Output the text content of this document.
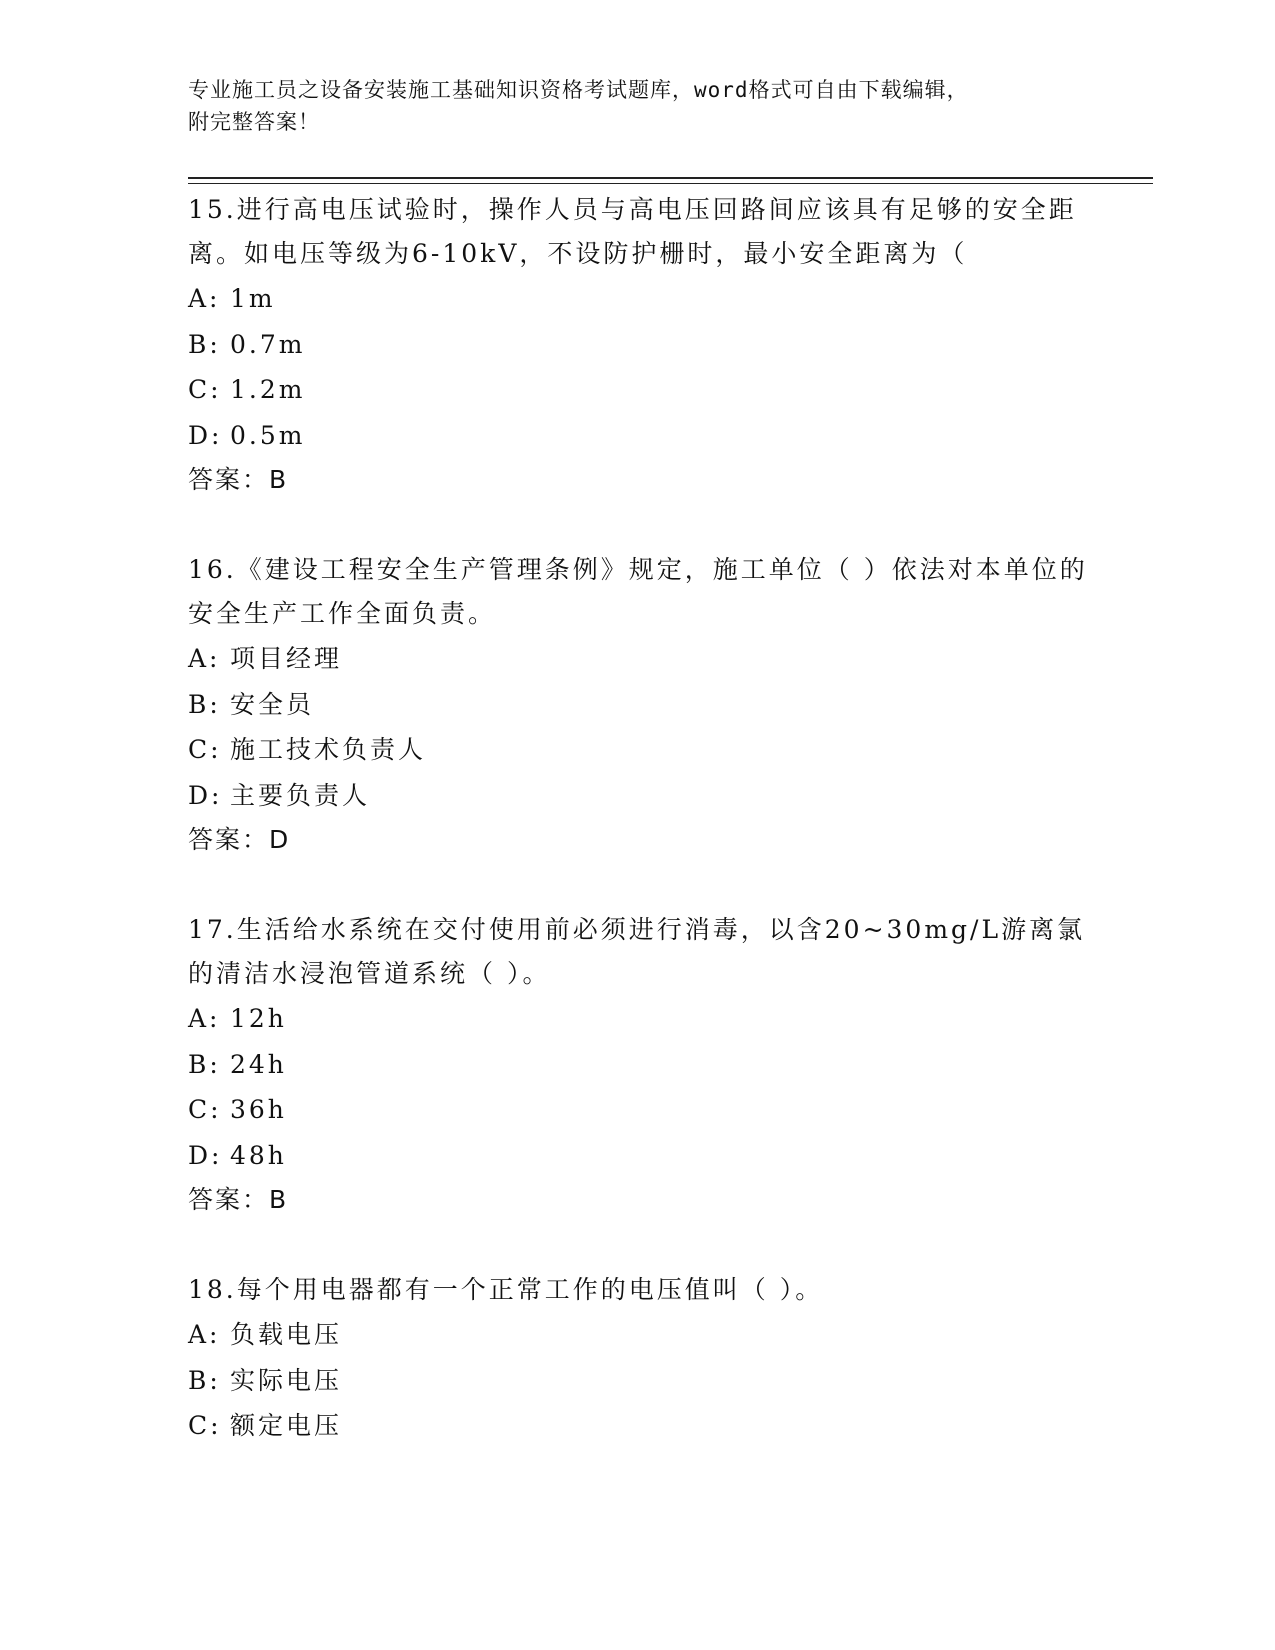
专业施工员之设备安装施工基础知识资格考试题库，word格式可自由下载编辑，
附完整答案！

15.进行高电压试验时，操作人员与高电压回路间应该具有足够的安全距离。如电压等级为6-10kV，不设防护栅时，最小安全距离为（

A: 1m

B: 0.7m

C: 1.2m

D: 0.5m

答案：B

16.《建设工程安全生产管理条例》规定，施工单位（ ）依法对本单位的安全生产工作全面负责。

A: 项目经理

B: 安全员

C: 施工技术负责人

D: 主要负责人

答案：D

17.生活给水系统在交付使用前必须进行消毒，以含20~30mg/L游离氯的清洁水浸泡管道系统（ ）。

A: 12h

B: 24h

C: 36h

D: 48h

答案：B

18.每个用电器都有一个正常工作的电压值叫（ ）。

A: 负载电压

B: 实际电压

C: 额定电压
